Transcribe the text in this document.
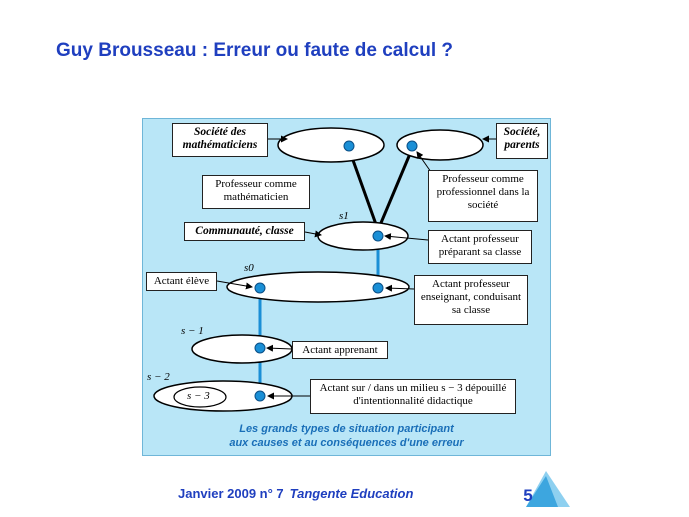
Guy Brousseau : Erreur ou faute de calcul ?
Société des mathématiciens
Société, parents
Professeur comme mathématicien
Professeur comme professionnel dans la société
Communauté, classe
Actant professeur préparant sa classe
Actant élève	Actant professeur enseignant, conduisant sa classe
Actant apprenant
Actant sur / dans un milieu s − 3 dépouillé d'intentionnalité didactique
s1
s0
s − 1
s − 2
s − 3
Les grands types de situation participant
aux causes et au conséquences d'une erreur
Janvier 2009 n° 7 Tangente Education	5
